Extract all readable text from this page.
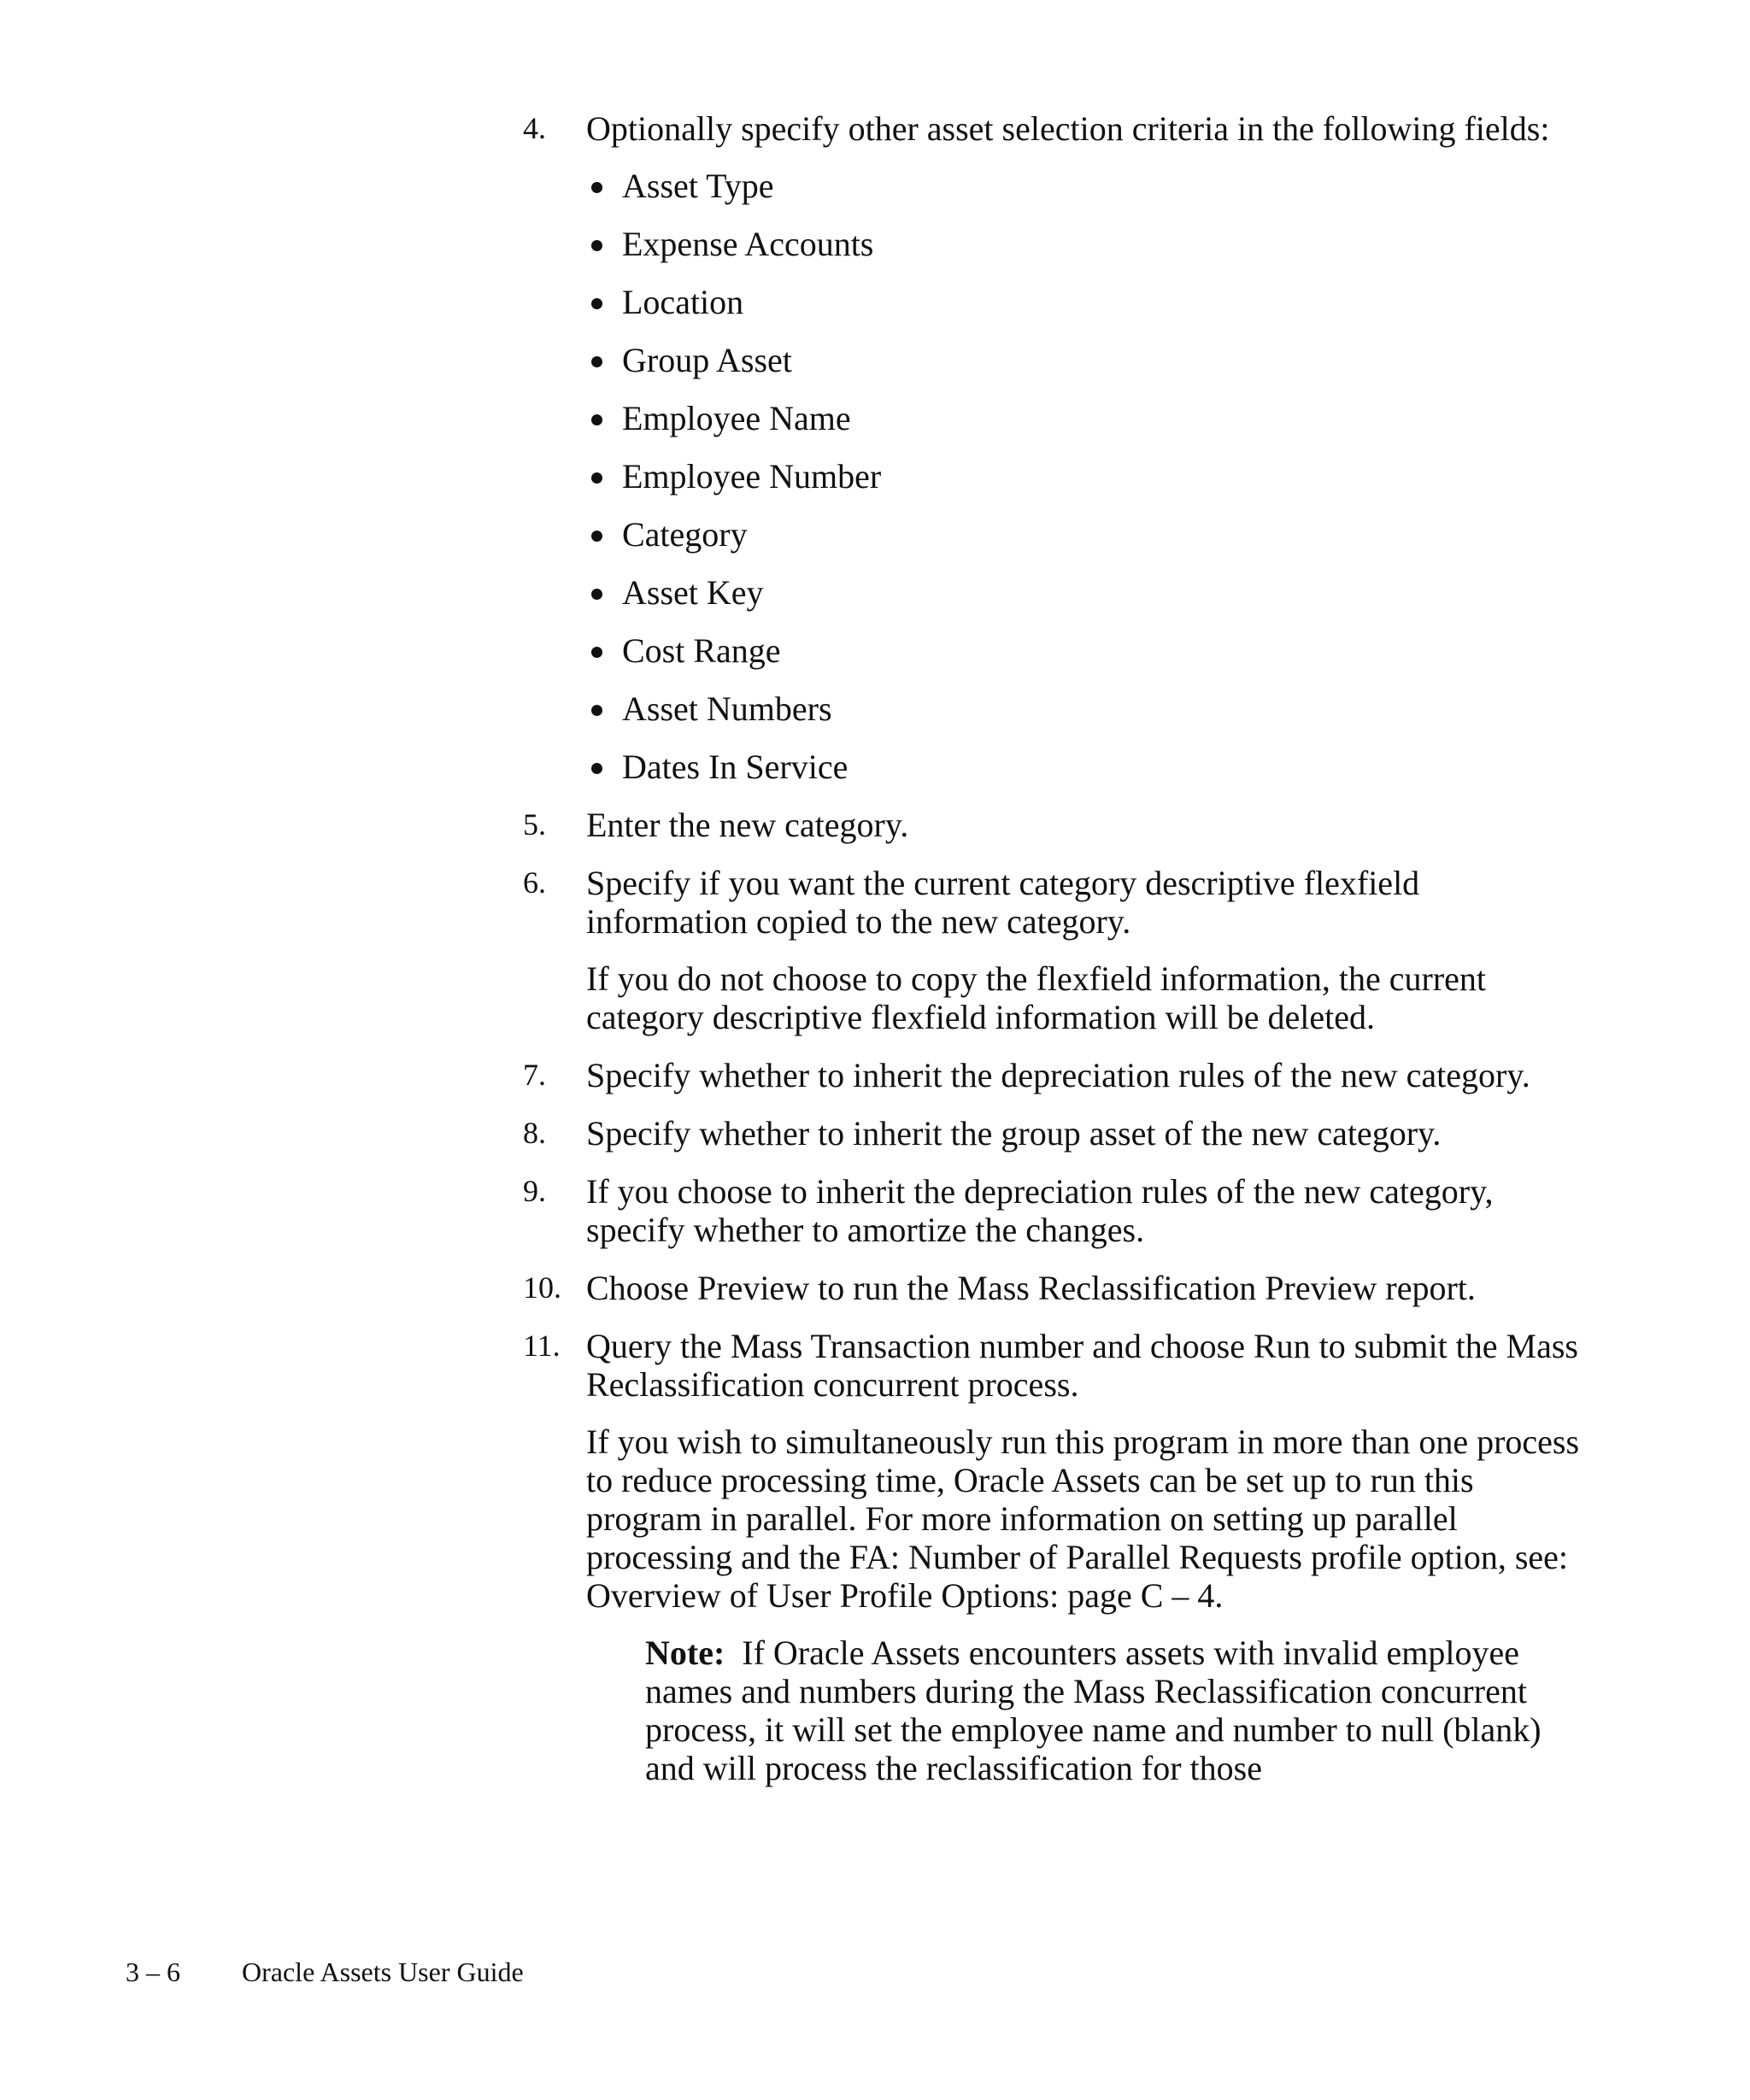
4.	Optionally specify other asset selection criteria in the following fields:
Asset Type
Expense Accounts
Location
Group Asset
Employee Name
Employee Number
Category
Asset Key
Cost Range
Asset Numbers
Dates In Service
5.	Enter the new category.
6.	Specify if you want the current category descriptive flexfield information copied to the new category.

If you do not choose to copy the flexfield information, the current category descriptive flexfield information will be deleted.

7.	Specify whether to inherit the depreciation rules of the new category.
8.	Specify whether to inherit the group asset of the new category.
9.	If you choose to inherit the depreciation rules of the new category, specify whether to amortize the changes.
10. Choose Preview to run the Mass Reclassification Preview report.
11. Query the Mass Transaction number and choose Run to submit the Mass Reclassification concurrent process.

If you wish to simultaneously run this program in more than one process to reduce processing time, Oracle Assets can be set up to run this program in parallel. For more information on setting up parallel processing and the FA: Number of Parallel Requests profile option, see: Overview of User Profile Options: page C – 4.

Note: If Oracle Assets encounters assets with invalid employee names and numbers during the Mass Reclassification concurrent process, it will set the employee name and number to null (blank) and will process the reclassification for those

3 – 6 Oracle Assets User Guide
